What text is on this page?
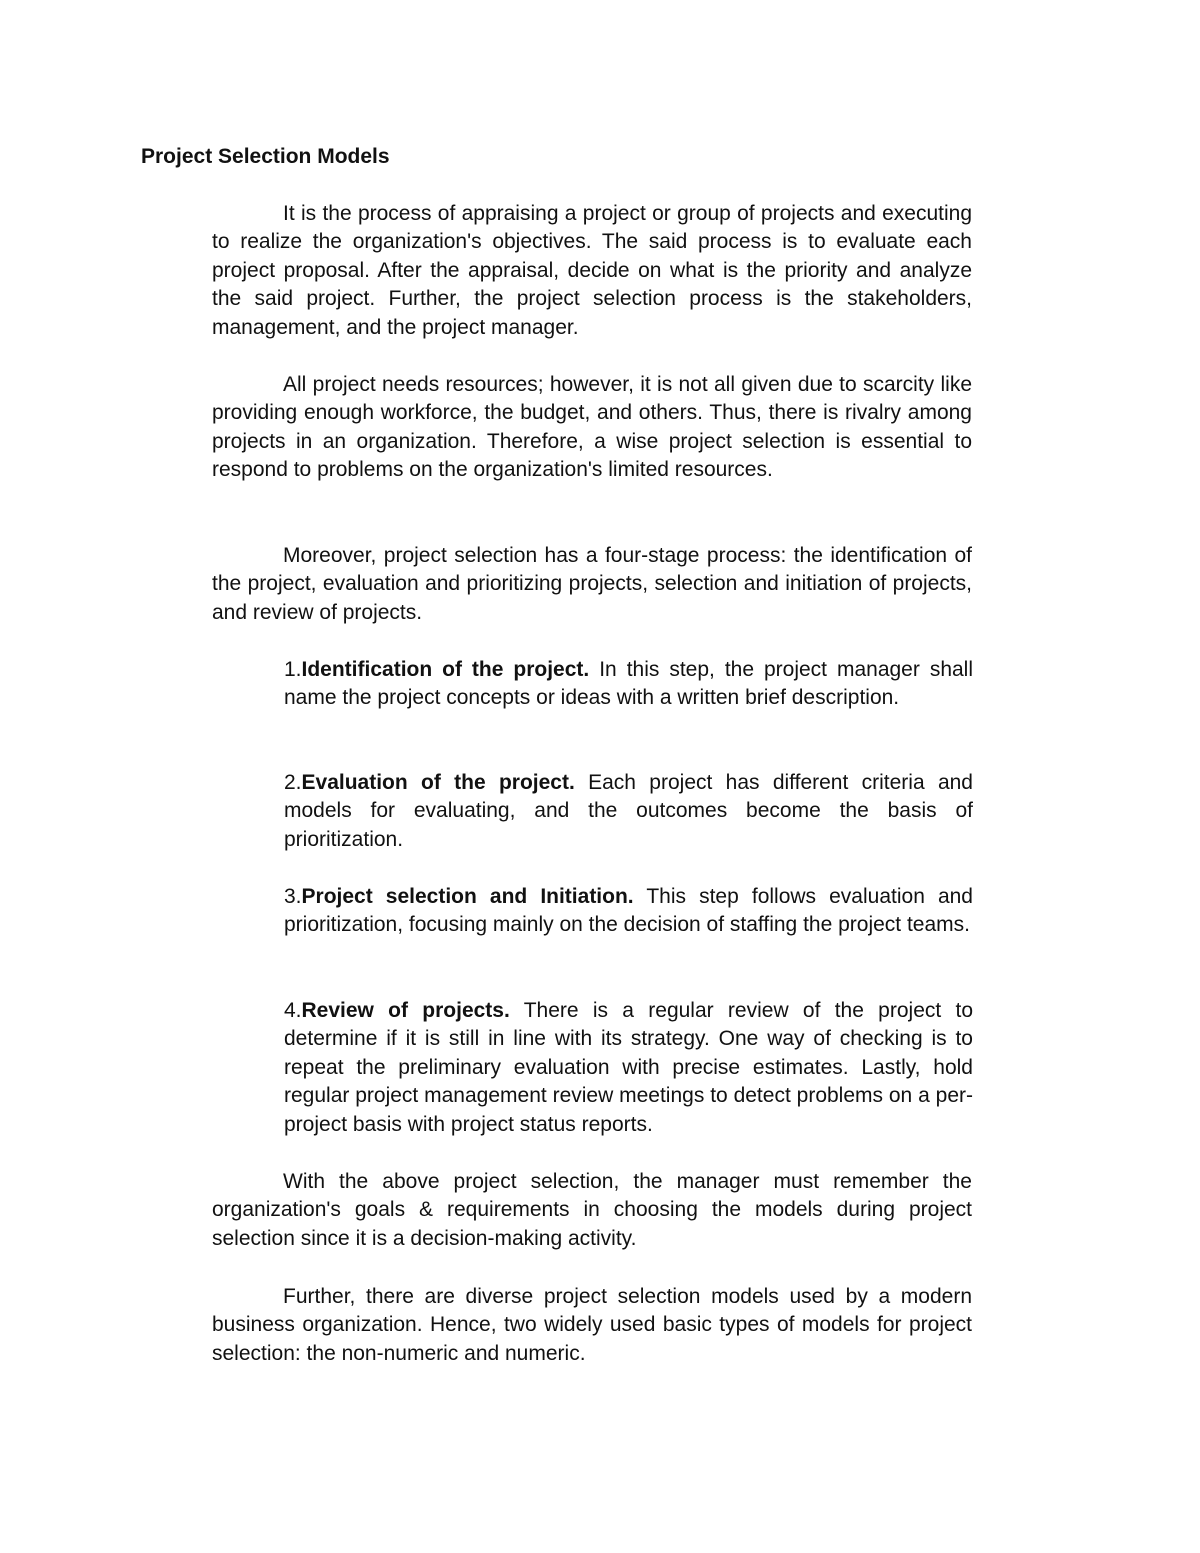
Project Selection Models

It is the process of appraising a project or group of projects and executing to realize the organization's objectives. The said process is to evaluate each project proposal. After the appraisal, decide on what is the priority and analyze the said project. Further, the project selection process is the stakeholders, management, and the project manager.

All project needs resources; however, it is not all given due to scarcity like providing enough workforce, the budget, and others. Thus, there is rivalry among projects in an organization. Therefore, a wise project selection is essential to respond to problems on the organization's limited resources.

Moreover, project selection has a four-stage process: the identification of the project, evaluation and prioritizing projects, selection and initiation of projects, and review of projects.

1.Identification of the project. In this step, the project manager shall name the project concepts or ideas with a written brief description.

2.Evaluation of the project. Each project has different criteria and models for evaluating, and the outcomes become the basis of prioritization.

3.Project selection and Initiation. This step follows evaluation and prioritization, focusing mainly on the decision of staffing the project teams.

4.Review of projects. There is a regular review of the project to determine if it is still in line with its strategy. One way of checking is to repeat the preliminary evaluation with precise estimates. Lastly, hold regular project management review meetings to detect problems on a per-project basis with project status reports.

With the above project selection, the manager must remember the organization's goals & requirements in choosing the models during project selection since it is a decision-making activity.

Further, there are diverse project selection models used by a modern business organization. Hence, two widely used basic types of models for project selection: the non-numeric and numeric.
